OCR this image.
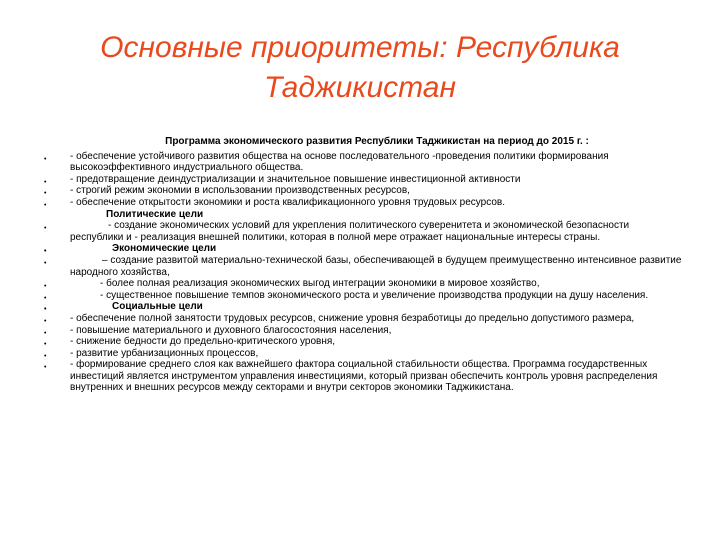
Основные приоритеты: Республика
Таджикистан
Программа экономического развития Республики Таджикистан на период до 2015 г. :
• - обеспечение устойчивого развития общества на основе последовательного -проведения политики формирования высокоэффективного индустриального общества.
• - предотвращение деиндустриализации и значительное повышение инвестиционной активности
• - строгий режим экономии в использовании производственных ресурсов,
• - обеспечение открытости экономики и роста квалификационного уровня трудовых ресурсов.
Политические цели
• - создание экономических условий для укрепления политического суверенитета и экономической безопасности республики и - реализация внешней политики, которая в полной мере отражает национальные интересы страны.
• Экономические цели
• – создание развитой материально-технической базы, обеспечивающей в будущем преимущественно интенсивное развитие народного хозяйства,
• - более полная реализация экономических выгод интеграции экономики в мировое хозяйство,
• - существенное повышение темпов экономического роста и увеличение производства продукции на душу населения.
• Социальные цели
• - обеспечение полной занятости трудовых ресурсов, снижение уровня безработицы до предельно допустимого размера,
• - повышение материального и духовного благосостояния населения,
• - снижение бедности до предельно-критического уровня,
• - развитие урбанизационных процессов,
• - формирование среднего слоя как важнейшего фактора социальной стабильности общества. Программа государственных инвестиций является инструментом управления инвестициями, который призван обеспечить контроль уровня распределения внутренних и внешних ресурсов между секторами и внутри секторов экономики Таджикистана.
